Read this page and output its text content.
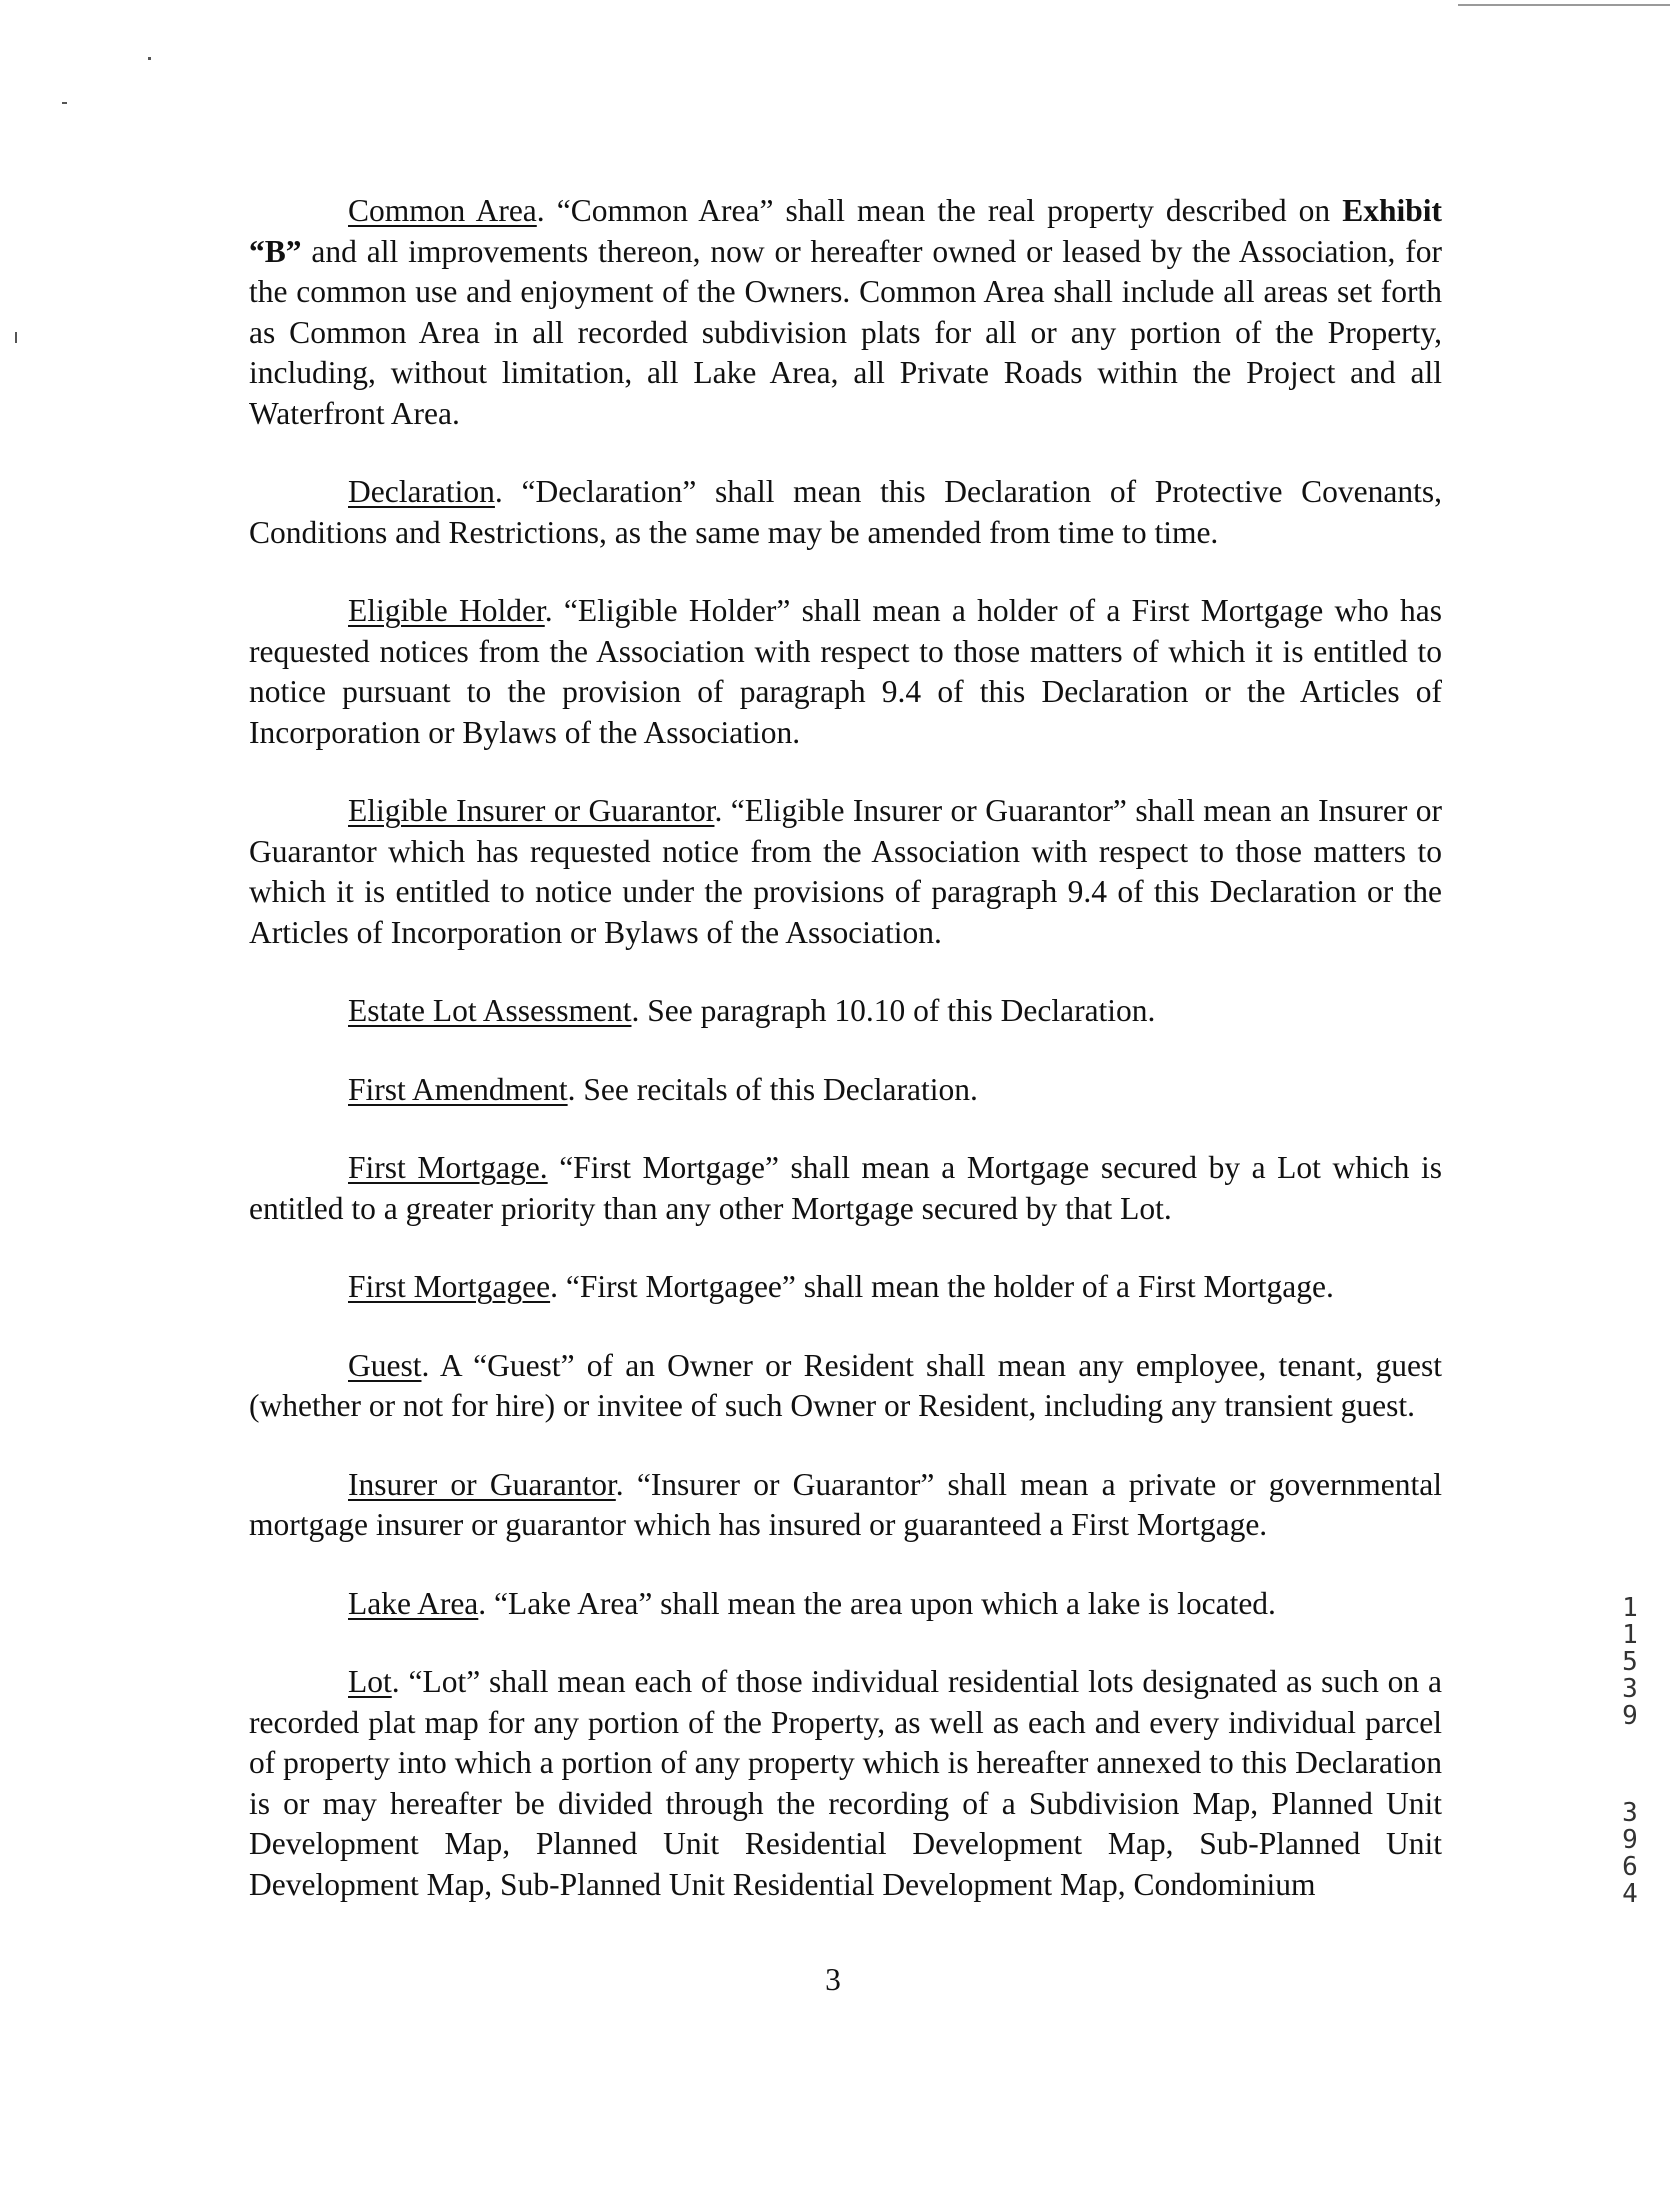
Common Area. “Common Area” shall mean the real property described on Exhibit “B” and all improvements thereon, now or hereafter owned or leased by the Association, for the common use and enjoyment of the Owners. Common Area shall include all areas set forth as Common Area in all recorded subdivision plats for all or any portion of the Property, including, without limitation, all Lake Area, all Private Roads within the Project and all Waterfront Area.

Declaration. “Declaration” shall mean this Declaration of Protective Covenants, Conditions and Restrictions, as the same may be amended from time to time.

Eligible Holder. “Eligible Holder” shall mean a holder of a First Mortgage who has requested notices from the Association with respect to those matters of which it is entitled to notice pursuant to the provision of paragraph 9.4 of this Declaration or the Articles of Incorporation or Bylaws of the Association.

Eligible Insurer or Guarantor. “Eligible Insurer or Guarantor” shall mean an Insurer or Guarantor which has requested notice from the Association with respect to those matters to which it is entitled to notice under the provisions of paragraph 9.4 of this Declaration or the Articles of Incorporation or Bylaws of the Association.

Estate Lot Assessment. See paragraph 10.10 of this Declaration.

First Amendment. See recitals of this Declaration.

First Mortgage. “First Mortgage” shall mean a Mortgage secured by a Lot which is entitled to a greater priority than any other Mortgage secured by that Lot.

First Mortgagee. “First Mortgagee” shall mean the holder of a First Mortgage.

Guest. A “Guest” of an Owner or Resident shall mean any employee, tenant, guest (whether or not for hire) or invitee of such Owner or Resident, including any transient guest.

Insurer or Guarantor. “Insurer or Guarantor” shall mean a private or governmental mortgage insurer or guarantor which has insured or guaranteed a First Mortgage.

Lake Area. “Lake Area” shall mean the area upon which a lake is located.

Lot. “Lot” shall mean each of those individual residential lots designated as such on a recorded plat map for any portion of the Property, as well as each and every individual parcel of property into which a portion of any property which is hereafter annexed to this Declaration is or may hereafter be divided through the recording of a Subdivision Map, Planned Unit Development Map, Planned Unit Residential Development Map, Sub-Planned Unit Development Map, Sub-Planned Unit Residential Development Map, Condominium

3
1
1
5
3
9
3
9
6
4
